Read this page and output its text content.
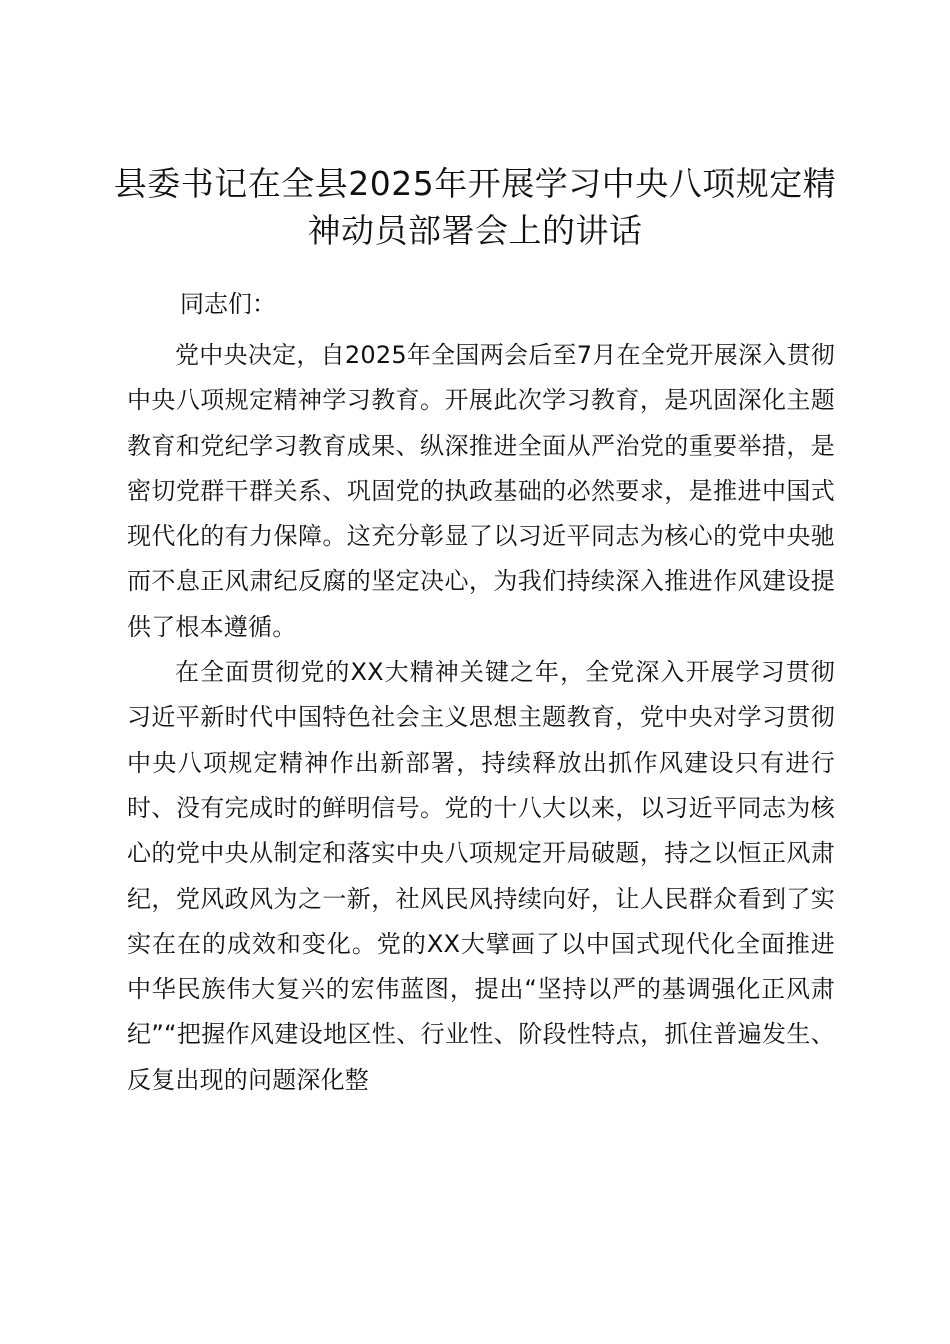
县委书记在全县2025年开展学习中央八项规定精神动员部署会上的讲话

同志们：

党中央决定，自2025年全国两会后至7月在全党开展深入贯彻中央八项规定精神学习教育。开展此次学习教育，是巩固深化主题教育和党纪学习教育成果、纵深推进全面从严治党的重要举措，是密切党群干群关系、巩固党的执政基础的必然要求，是推进中国式现代化的有力保障。这充分彰显了以习近平同志为核心的党中央驰而不息正风肃纪反腐的坚定决心，为我们持续深入推进作风建设提供了根本遵循。

在全面贯彻党的XX大精神关键之年，全党深入开展学习贯彻习近平新时代中国特色社会主义思想主题教育，党中央对学习贯彻中央八项规定精神作出新部署，持续释放出抓作风建设只有进行时、没有完成时的鲜明信号。党的十八大以来，以习近平同志为核心的党中央从制定和落实中央八项规定开局破题，持之以恒正风肃纪，党风政风为之一新，社风民风持续向好，让人民群众看到了实实在在的成效和变化。党的XX大擘画了以中国式现代化全面推进中华民族伟大复兴的宏伟蓝图，提出“坚持以严的基调强化正风肃纪”“把握作风建设地区性、行业性、阶段性特点，抓住普遍发生、反复出现的问题深化整
